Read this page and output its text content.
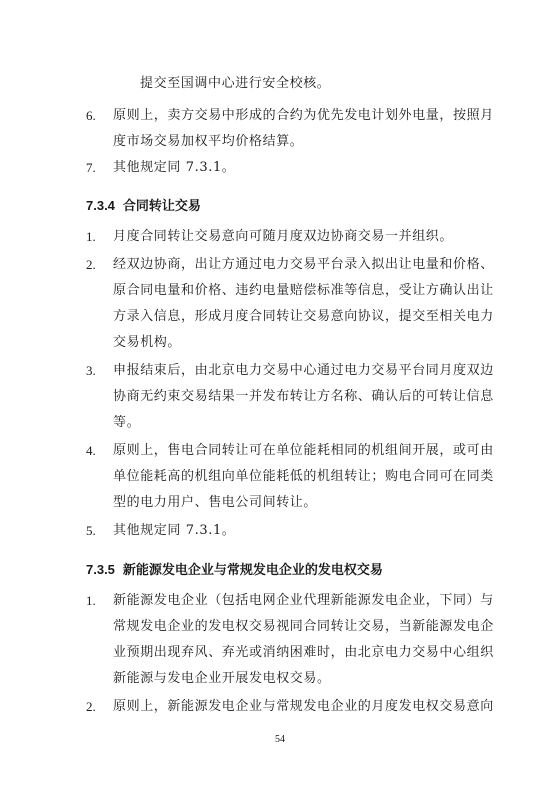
提交至国调中心进行安全校核。
6. 原则上，卖方交易中形成的合约为优先发电计划外电量，按照月
度市场交易加权平均价格结算。
7. 其他规定同 7.3.1。
7.3.4 合同转让交易
1. 月度合同转让交易意向可随月度双边协商交易一并组织。
2. 经双边协商，出让方通过电力交易平台录入拟出让电量和价格、
原合同电量和价格、违约电量赔偿标准等信息，受让方确认出让
方录入信息，形成月度合同转让交易意向协议，提交至相关电力
交易机构。
3. 申报结束后，由北京电力交易中心通过电力交易平台同月度双边
协商无约束交易结果一并发布转让方名称、确认后的可转让信息
等。
4. 原则上，售电合同转让可在单位能耗相同的机组间开展，或可由
单位能耗高的机组向单位能耗低的机组转让；购电合同可在同类
型的电力用户、售电公司间转让。
5. 其他规定同 7.3.1。
7.3.5 新能源发电企业与常规发电企业的发电权交易
1. 新能源发电企业（包括电网企业代理新能源发电企业，下同）与
常规发电企业的发电权交易视同合同转让交易，当新能源发电企
业预期出现弃风、弃光或消纳困难时，由北京电力交易中心组织
新能源与发电企业开展发电权交易。
2. 原则上，新能源发电企业与常规发电企业的月度发电权交易意向
54
